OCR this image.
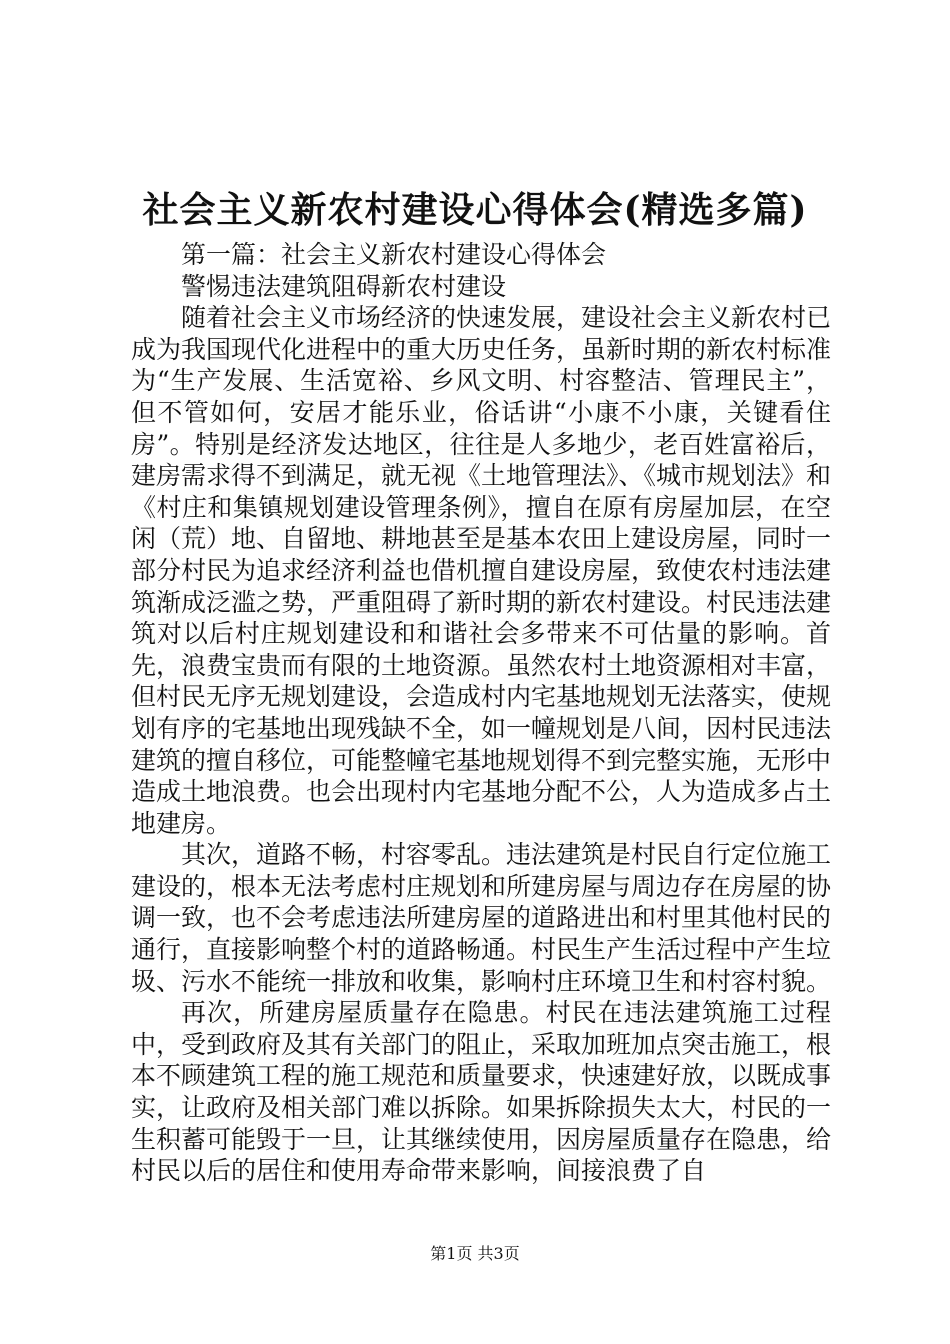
社会主义新农村建设心得体会(精选多篇)

第一篇：社会主义新农村建设心得体会

警惕违法建筑阻碍新农村建设

随着社会主义市场经济的快速发展，建设社会主义新农村已成为我国现代化进程中的重大历史任务，虽新时期的新农村标准为“生产发展、生活宽裕、乡风文明、村容整洁、管理民主”，但不管如何，安居才能乐业，俗话讲“小康不小康，关键看住房”。特别是经济发达地区，往往是人多地少，老百姓富裕后，建房需求得不到满足，就无视《土地管理法》、《城市规划法》和《村庄和集镇规划建设管理条例》，擅自在原有房屋加层，在空闲（荒）地、自留地、耕地甚至是基本农田上建设房屋，同时一部分村民为追求经济利益也借机擅自建设房屋，致使农村违法建筑渐成泛滥之势，严重阻碍了新时期的新农村建设。村民违法建筑对以后村庄规划建设和和谐社会多带来不可估量的影响。首先，浪费宝贵而有限的土地资源。虽然农村土地资源相对丰富，但村民无序无规划建设，会造成村内宅基地规划无法落实，使规划有序的宅基地出现残缺不全，如一幢规划是八间，因村民违法建筑的擅自移位，可能整幢宅基地规划得不到完整实施，无形中造成土地浪费。也会出现村内宅基地分配不公，人为造成多占土地建房。

其次，道路不畅，村容零乱。违法建筑是村民自行定位施工建设的，根本无法考虑村庄规划和所建房屋与周边存在房屋的协调一致，也不会考虑违法所建房屋的道路进出和村里其他村民的通行，直接影响整个村的道路畅通。村民生产生活过程中产生垃圾、污水不能统一排放和收集，影响村庄环境卫生和村容村貌。

再次，所建房屋质量存在隐患。村民在违法建筑施工过程中，受到政府及其有关部门的阻止，采取加班加点突击施工，根本不顾建筑工程的施工规范和质量要求，快速建好放，以既成事实，让政府及相关部门难以拆除。如果拆除损失太大，村民的一生积蓄可能毁于一旦，让其继续使用，因房屋质量存在隐患，给村民以后的居住和使用寿命带来影响，间接浪费了自

第1页 共3页
